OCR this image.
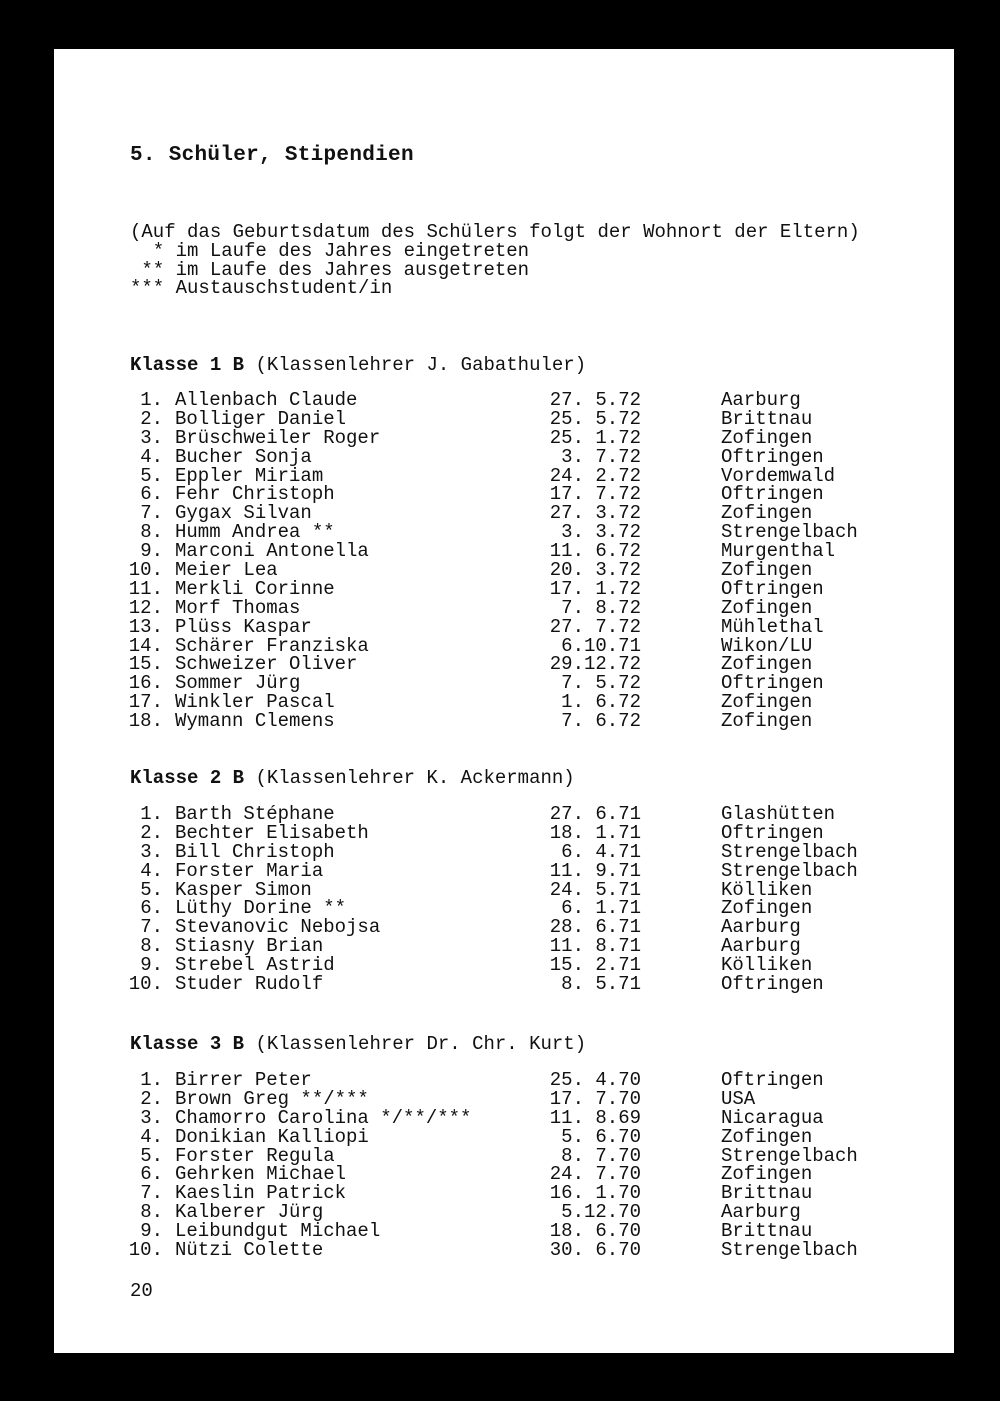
5. Schüler, Stipendien
(Auf das Geburtsdatum des Schülers folgt der Wohnort der Eltern)
* im Laufe des Jahres eingetreten
** im Laufe des Jahres ausgetreten
*** Austauschstudent/in
Klasse 1 B (Klassenlehrer J. Gabathuler)
1. Allenbach Claude	27. 5.72	Aarburg
2. Bolliger Daniel	25. 5.72	Brittnau
3. Brüschweiler Roger	25. 1.72	Zofingen
4. Bucher Sonja	3. 7.72	Oftringen
5. Eppler Miriam	24. 2.72	Vordemwald
6. Fehr Christoph	17. 7.72	Oftringen
7. Gygax Silvan	27. 3.72	Zofingen
8. Humm Andrea **	3. 3.72	Strengelbach
9. Marconi Antonella	11. 6.72	Murgenthal
10. Meier Lea	20. 3.72	Zofingen
11. Merkli Corinne	17. 1.72	Oftringen
12. Morf Thomas	7. 8.72	Zofingen
13. Plüss Kaspar	27. 7.72	Mühlethal
14. Schärer Franziska	6.10.71	Wikon/LU
15. Schweizer Oliver	29.12.72	Zofingen
16. Sommer Jürg	7. 5.72	Oftringen
17. Winkler Pascal	1. 6.72	Zofingen
18. Wymann Clemens	7. 6.72	Zofingen
Klasse 2 B (Klassenlehrer K. Ackermann)
1. Barth Stéphane	27. 6.71	Glashütten
2. Bechter Elisabeth	18. 1.71	Oftringen
3. Bill Christoph	6. 4.71	Strengelbach
4. Forster Maria	11. 9.71	Strengelbach
5. Kasper Simon	24. 5.71	Kölliken
6. Lüthy Dorine **	6. 1.71	Zofingen
7. Stevanovic Nebojsa	28. 6.71	Aarburg
8. Stiasny Brian	11. 8.71	Aarburg
9. Strebel Astrid	15. 2.71	Kölliken
10. Studer Rudolf	8. 5.71	Oftringen
Klasse 3 B (Klassenlehrer Dr. Chr. Kurt)
1. Birrer Peter	25. 4.70	Oftringen
2. Brown Greg **/***	17. 7.70	USA
3. Chamorro Carolina */**/***	11. 8.69	Nicaragua
4. Donikian Kalliopi	5. 6.70	Zofingen
5. Forster Regula	8. 7.70	Strengelbach
6. Gehrken Michael	24. 7.70	Zofingen
7. Kaeslin Patrick	16. 1.70	Brittnau
8. Kalberer Jürg	5.12.70	Aarburg
9. Leibundgut Michael	18. 6.70	Brittnau
10. Nützi Colette	30. 6.70	Strengelbach
20
